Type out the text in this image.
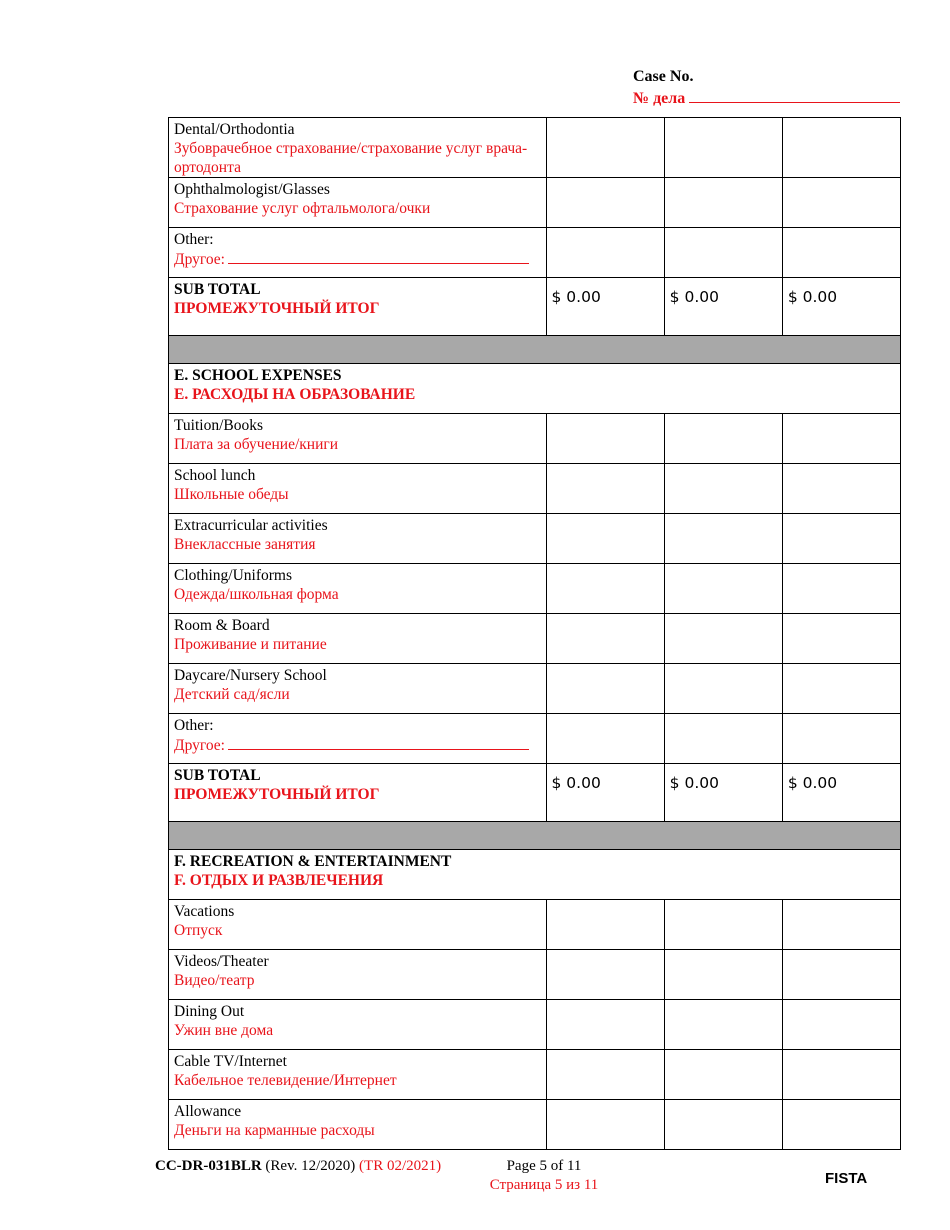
Case No.
№ дела
Dental/Orthodontia
Зубоврачебное страхование/страхование услуг врача-ортодонта			

Ophthalmologist/Glasses
Страхование услуг офтальмолога/очки			

Other:
Другое:			

SUB TOTAL
ПРОМЕЖУТОЧНЫЙ ИТОГ	$ 0.00	$ 0.00	$ 0.00

E. SCHOOL EXPENSES
E. РАСХОДЫ НА ОБРАЗОВАНИЕ			

Tuition/Books
Плата за обучение/книги			

School lunch
Школьные обеды			

Extracurricular activities
Внеклассные занятия			

Clothing/Uniforms
Одежда/школьная форма			

Room & Board
Проживание и питание			

Daycare/Nursery School
Детский сад/ясли			

Other:
Другое:			

SUB TOTAL
ПРОМЕЖУТОЧНЫЙ ИТОГ	$ 0.00	$ 0.00	$ 0.00

F. RECREATION & ENTERTAINMENT
F. ОТДЫХ И РАЗВЛЕЧЕНИЯ			

Vacations
Отпуск			

Videos/Theater
Видео/театр			

Dining Out
Ужин вне дома			

Cable TV/Internet
Кабельное телевидение/Интернет			

Allowance
Деньги на карманные расходы			

CC-DR-031BLR (Rev. 12/2020) (TR 02/2021)	Page 5 of 11
Страница 5 из 11	FISTA
